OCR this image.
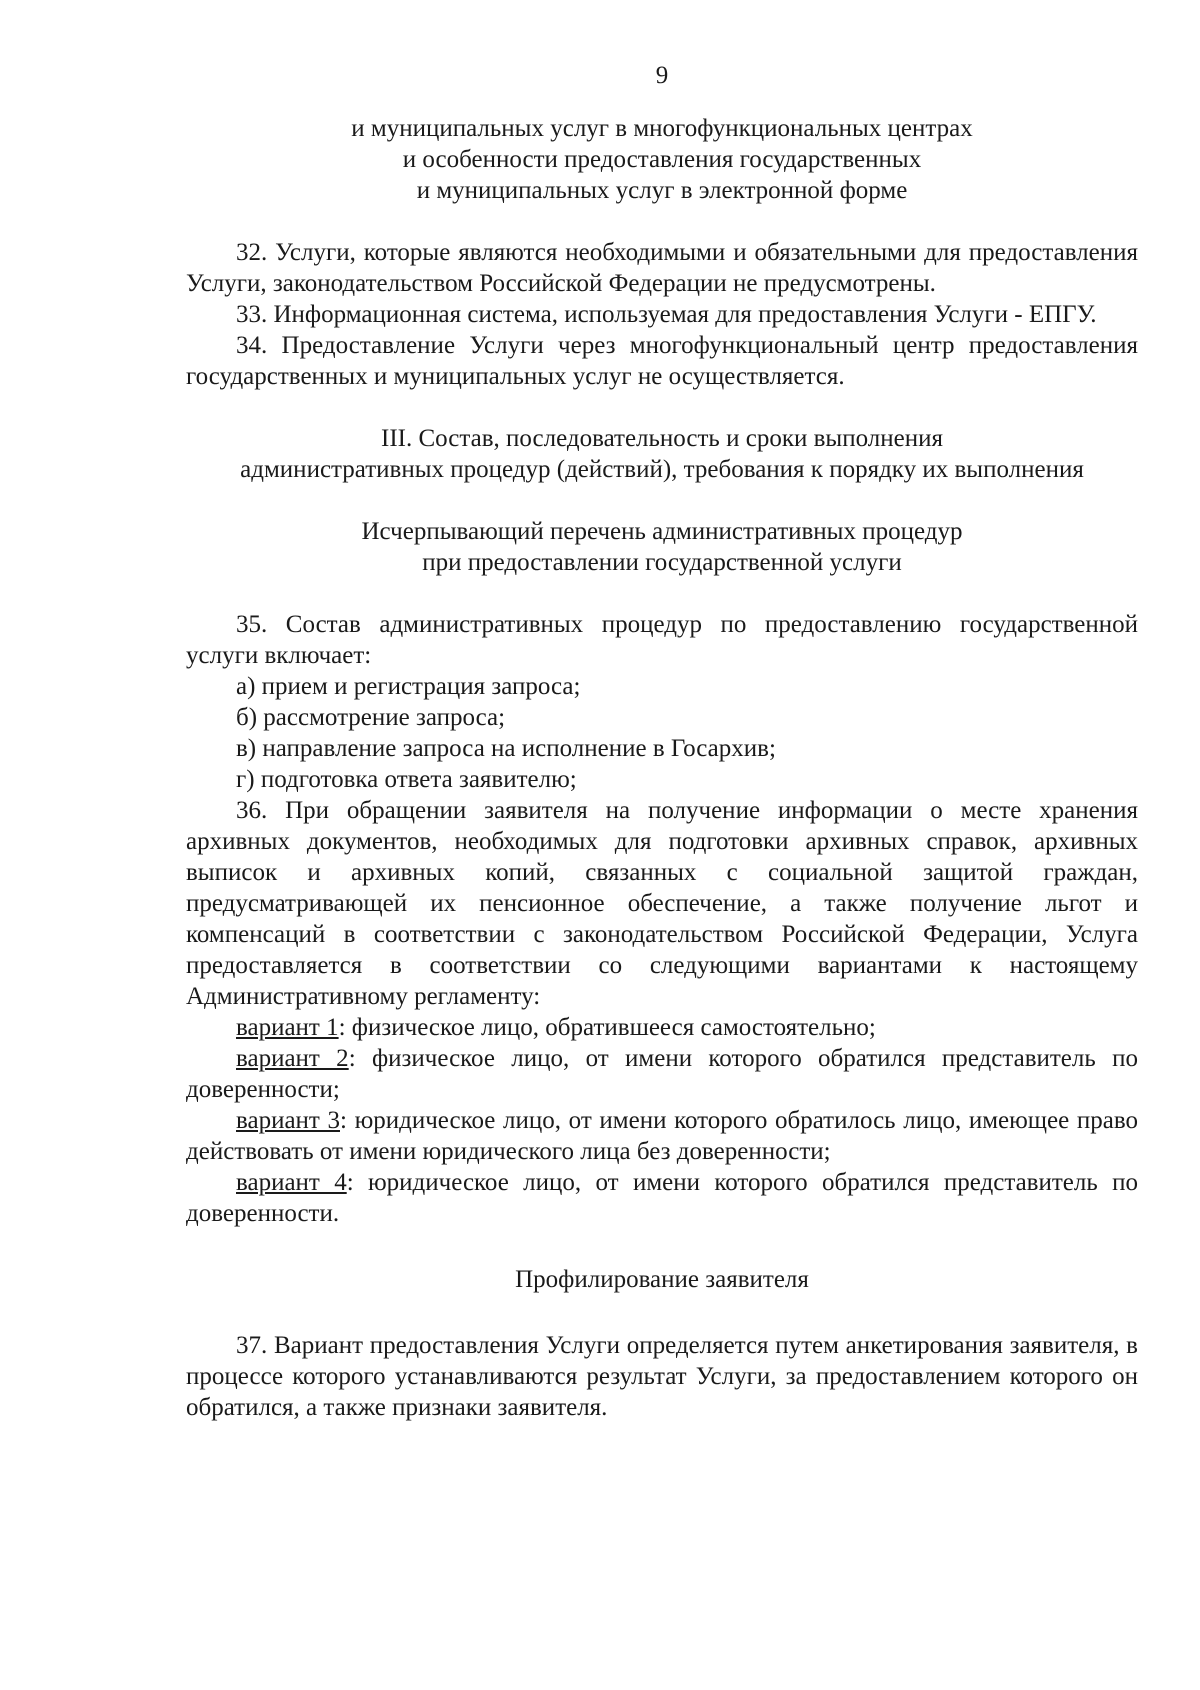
9

и муниципальных услуг в многофункциональных центрах
и особенности предоставления государственных
и муниципальных услуг в электронной форме

32. Услуги, которые являются необходимыми и обязательными для предоставления Услуги, законодательством Российской Федерации не предусмотрены.

33. Информационная система, используемая для предоставления Услуги - ЕПГУ.

34. Предоставление Услуги через многофункциональный центр предоставления государственных и муниципальных услуг не осуществляется.

III. Состав, последовательность и сроки выполнения
административных процедур (действий), требования к порядку их выполнения

Исчерпывающий перечень административных процедур
при предоставлении государственной услуги

35. Состав административных процедур по предоставлению государственной услуги включает:

а) прием и регистрация запроса;

б) рассмотрение запроса;

в) направление запроса на исполнение в Госархив;

г) подготовка ответа заявителю;

36. При обращении заявителя на получение информации о месте хранения архивных документов, необходимых для подготовки архивных справок, архивных выписок и архивных копий, связанных с социальной защитой граждан, предусматривающей их пенсионное обеспечение, а также получение льгот и компенсаций в соответствии с законодательством Российской Федерации, Услуга предоставляется в соответствии со следующими вариантами к настоящему Административному регламенту:

вариант 1: физическое лицо, обратившееся самостоятельно;

вариант 2: физическое лицо, от имени которого обратился представитель по доверенности;

вариант 3: юридическое лицо, от имени которого обратилось лицо, имеющее право действовать от имени юридического лица без доверенности;

вариант 4: юридическое лицо, от имени которого обратился представитель по доверенности.

Профилирование заявителя

37. Вариант предоставления Услуги определяется путем анкетирования заявителя, в процессе которого устанавливаются результат Услуги, за предоставлением которого он обратился, а также признаки заявителя.
